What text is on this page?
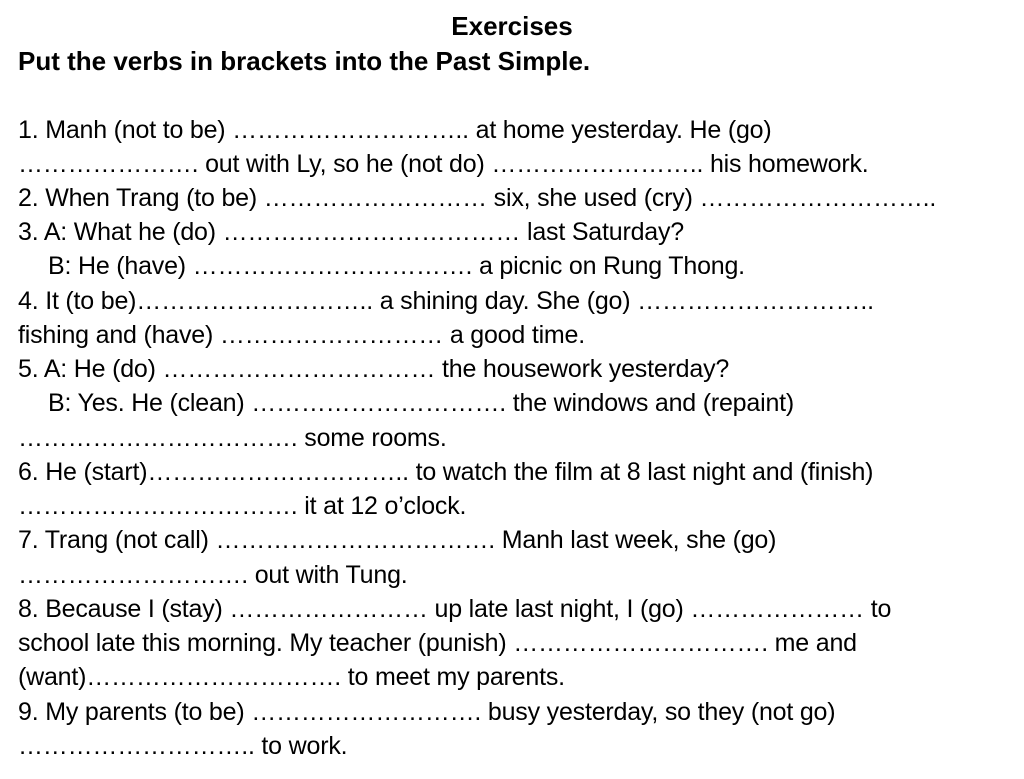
Exercises
Put the verbs in brackets into the Past Simple.
1. Manh (not to be) ……………………….. at home yesterday. He (go)
…………………. out with Ly, so he (not do) …………………….. his homework.
2. When Trang (to be) ……………………… six, she used (cry) ………………………..
3. A: What he (do) ……………………………… last Saturday?
B: He (have) ……………………………. a picnic on Rung Thong.
4. It (to be)……………………….. a shining day. She (go) ………………………..
fishing and (have) ……………………… a good time.
5. A: He (do) …………………………… the housework yesterday?
B: Yes. He (clean) …………………………. the windows and (repaint)
……………………………. some rooms.
6. He (start)………………………….. to watch the film at 8 last night and (finish)
……………………………. it at 12 o’clock.
7. Trang (not call) ……………………………. Manh last week, she (go)
………………………. out with Tung.
8. Because I (stay) …………………… up late last night, I (go) ………………… to
school late this morning. My teacher (punish) …………………………. me and
(want)…………………………. to meet my parents.
9. My parents (to be) ………………………. busy yesterday, so they (not go)
……………………….. to work.
